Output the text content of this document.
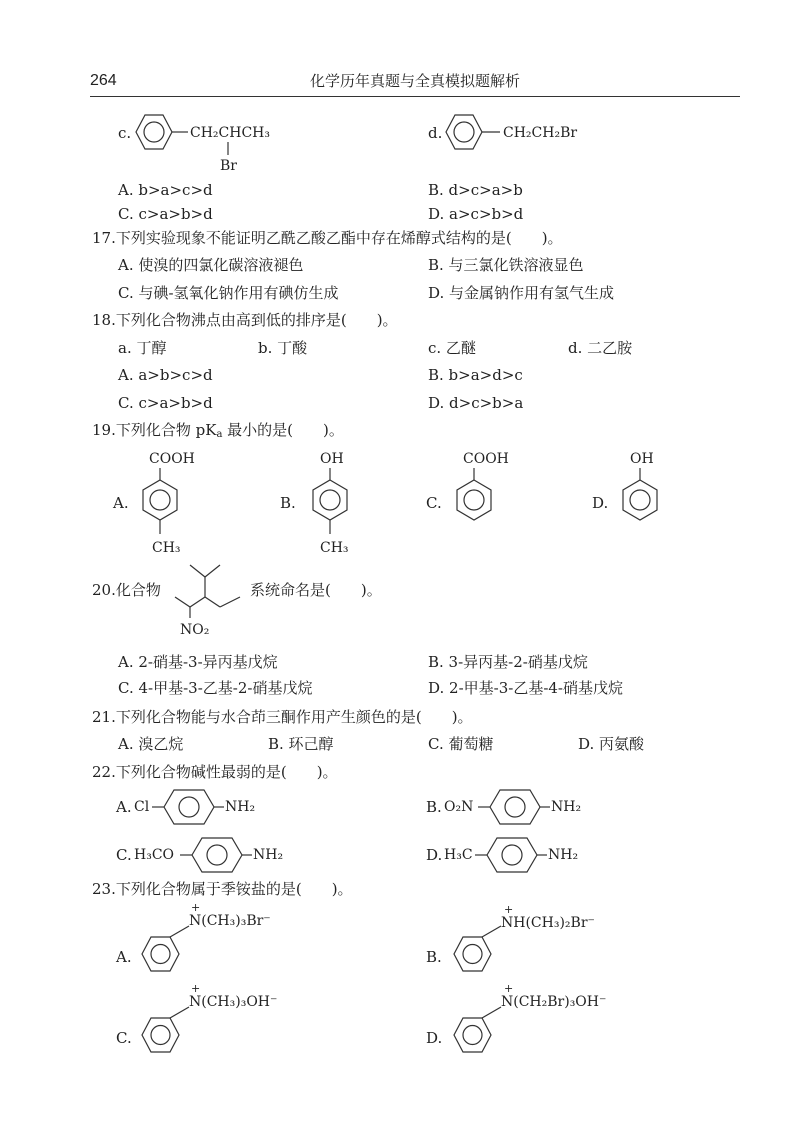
264	化学历年真题与全真模拟题解析
c.	CH₂CHCH₃
Br
d.	CH₂CH₂Br
A. b>a>c>d	B. d>c>a>b
C. c>a>b>d	D. a>c>b>d
17.下列实验现象不能证明乙酰乙酸乙酯中存在烯醇式结构的是(　　)。
A. 使溴的四氯化碳溶液褪色	B. 与三氯化铁溶液显色
C. 与碘-氢氧化钠作用有碘仿生成	D. 与金属钠作用有氢气生成
18.下列化合物沸点由高到低的排序是(　　)。
a. 丁醇	b. 丁酸	c. 乙醚	d. 二乙胺
A. a>b>c>d	B. b>a>d>c
C. c>a>b>d	D. d>c>b>a
19.下列化合物 $pK_a$ 最小的是(　　)。
A.
COOH
CH₃
B.
OH
CH₃
C.
COOH
D.
OH
20.化合物
NO₂
系统命名是(　　)。
A. 2-硝基-3-异丙基戊烷	B. 3-异丙基-2-硝基戊烷
C. 4-甲基-3-乙基-2-硝基戊烷	D. 2-甲基-3-乙基-4-硝基戊烷
21.下列化合物能与水合茚三酮作用产生颜色的是(　　)。
A. 溴乙烷	B. 环己醇	C. 葡萄糖	D. 丙氨酸
22.下列化合物碱性最弱的是(　　)。
A. Cl	NH₂	B. O₂N	NH₂
C. H₃CO	NH₂	D. H₃C	NH₂
23.下列化合物属于季铵盐的是(　　)。
A.
+
N(CH₃)₃Br⁻
B.
+
NH(CH₃)₂Br⁻
C.
+
N(CH₃)₃OH⁻
D.
+
N(CH₂Br)₃OH⁻
